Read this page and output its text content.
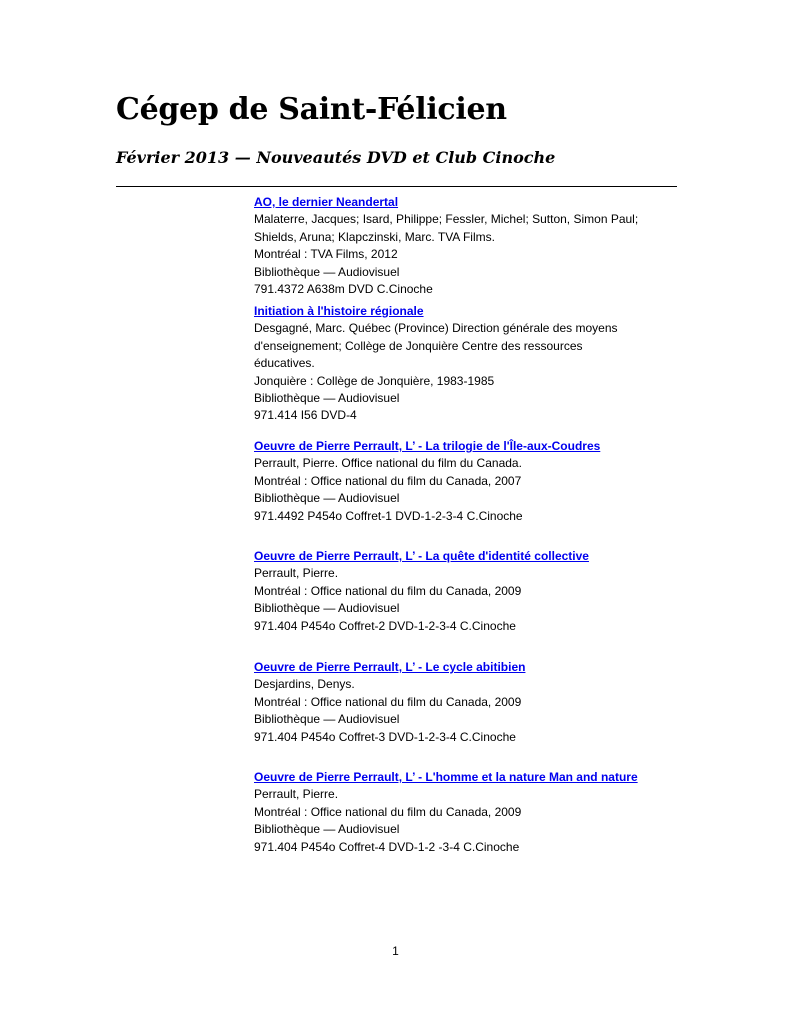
Cégep de Saint-Félicien
Février 2013 — Nouveautés DVD et Club Cinoche
AO, le dernier Neandertal
Malaterre, Jacques; Isard, Philippe; Fessler, Michel; Sutton, Simon Paul;
Shields, Aruna; Klapczinski, Marc. TVA Films.
Montréal : TVA Films, 2012
Bibliothèque — Audiovisuel
791.4372 A638m DVD C.Cinoche
Initiation à l'histoire régionale
Desgagné, Marc. Québec (Province) Direction générale des moyens
d'enseignement; Collège de Jonquière Centre des ressources
éducatives.
Jonquière : Collège de Jonquière, 1983-1985
Bibliothèque — Audiovisuel
971.414 I56 DVD-4
Oeuvre de Pierre Perrault, L’ - La trilogie de l'Île-aux-Coudres
Perrault, Pierre. Office national du film du Canada.
Montréal : Office national du film du Canada, 2007
Bibliothèque — Audiovisuel
971.4492 P454o Coffret-1 DVD-1-2-3-4 C.Cinoche
Oeuvre de Pierre Perrault, L’ - La quête d'identité collective
Perrault, Pierre.
Montréal : Office national du film du Canada, 2009
Bibliothèque — Audiovisuel
971.404 P454o Coffret-2 DVD-1-2-3-4 C.Cinoche
Oeuvre de Pierre Perrault, L’ - Le cycle abitibien
Desjardins, Denys.
Montréal : Office national du film du Canada, 2009
Bibliothèque — Audiovisuel
971.404 P454o Coffret-3 DVD-1-2-3-4 C.Cinoche
Oeuvre de Pierre Perrault, L’ - L'homme et la nature Man and nature
Perrault, Pierre.
Montréal : Office national du film du Canada, 2009
Bibliothèque — Audiovisuel
971.404 P454o Coffret-4 DVD-1-2 -3-4 C.Cinoche
1
